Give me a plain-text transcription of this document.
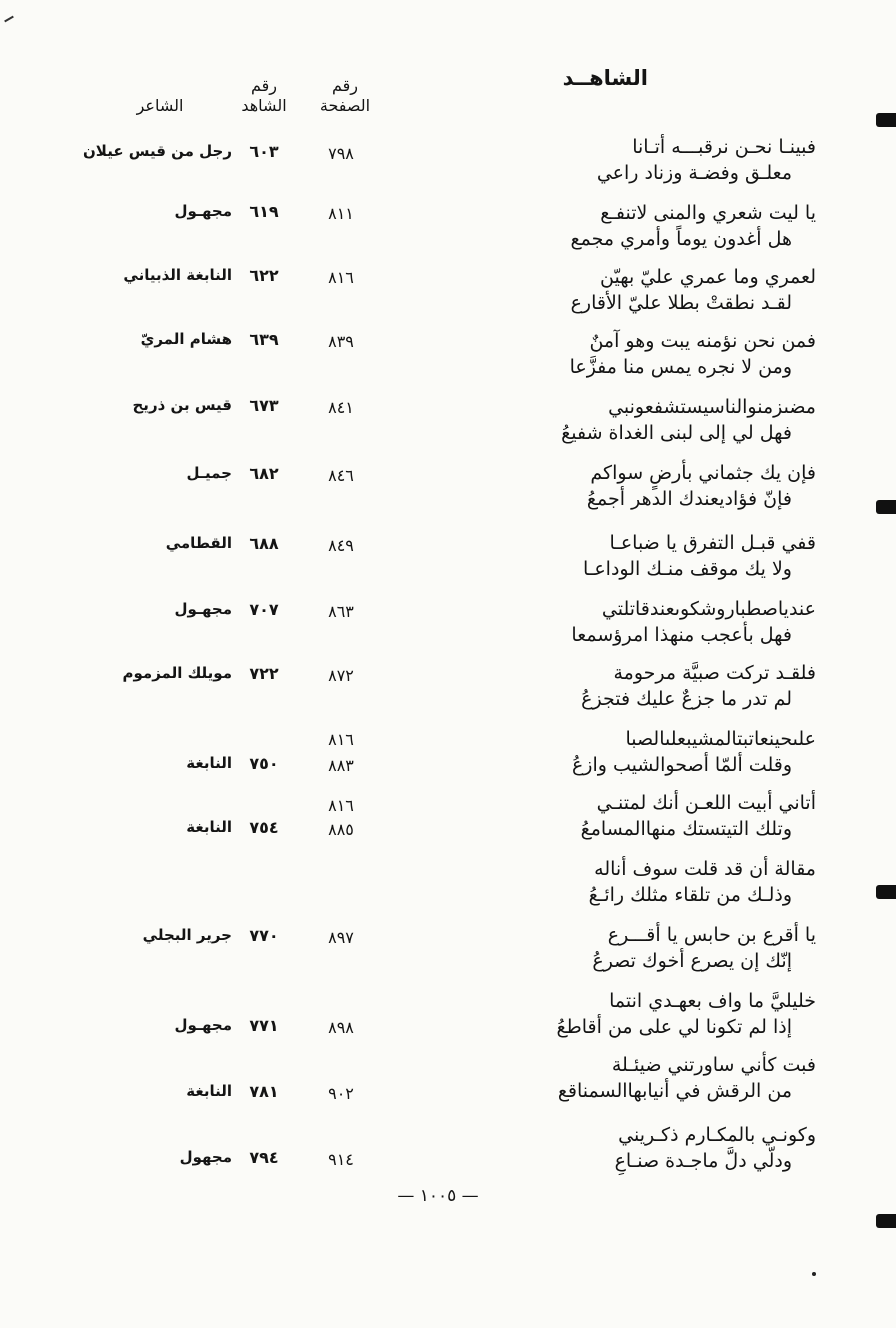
الشاهــد
رقم
الصفحة
رقم
الشاهد
الشاعر
فبينـا نحـن نرقبـــه أتـانا
معلـق وفضـة وزناد راعي
٧٩٨
٦٠٣
رجل من قيس عيلان
يا ليت شعري والمنى لاتنفـع
هل أغدون يوماً وأمري مجمع
٨١١
٦١٩
مجهـول
لعمري وما عمري عليّ بهيّن
لقـد نطقتْ بطلا عليّ الأقارع
٨١٦
٦٢٢
النابغة الذبياني
فمن نحن نؤمنه يبت وهو آمنٌ
ومن لا نجره يمس منا مفزَّعا
٨٣٩
٦٣٩
هشام المريّ
مضىزمنوالناسيستشفعونبي
فهل لي إلى لبنى الغداة شفيعُ
٨٤١
٦٧٣
قيس بن ذريح
فإن يك جثماني بأرضٍ سواكم
فإنّ فؤاديعندك الدهر أجمعُ
٨٤٦
٦٨٢
جميـل
قفي قبـل التفرق يا ضباعـا
ولا يك موقف منـك الوداعـا
٨٤٩
٦٨٨
القطامي
عندياصطباروشكوىعندقاتلتي
فهل بأعجب منهذا امرؤسمعا
٨٦٣
٧٠٧
مجهـول
فلقـد تركت صبيَّة مرحومة
لم تدر ما جزعٌ عليك فتجزعُ
٨٧٢
٧٢٢
مويلك المزموم
علىحينعاتبتالمشيبعلىالصبا
وقلت ألمّا أصحوالشيب وازعُ
٨١٦
٨٨٣
٧٥٠
النابغة
أتاني أبيت اللعـن أنك لمتنـي
وتلك التيتستك منهاالمسامعُ
٨١٦
٨٨٥
٧٥٤
النابغة
مقالة أن قد قلت سوف أناله
وذلـك من تلقاء مثلك رائـعُ
يا أقرع بن حابس يا أقـــرع
إنّك إن يصرع أخوك تصرعُ
٨٩٧
٧٧٠
جرير البجلي
خليليَّ ما واف بعهـدي انتما
إذا لم تكونا لي على من أقاطعُ
٨٩٨
٧٧١
مجهـول
فبت كأني ساورتني ضيئـلة
من الرقش في أنيابهاالسمناقع
٩٠٢
٧٨١
النابغة
وكونـي بالمكـارم ذكـريني
ودلّي دلَّ ماجـدة صنـاعِ
٩١٤
٧٩٤
مجهول
— ١٠٠٥ —
